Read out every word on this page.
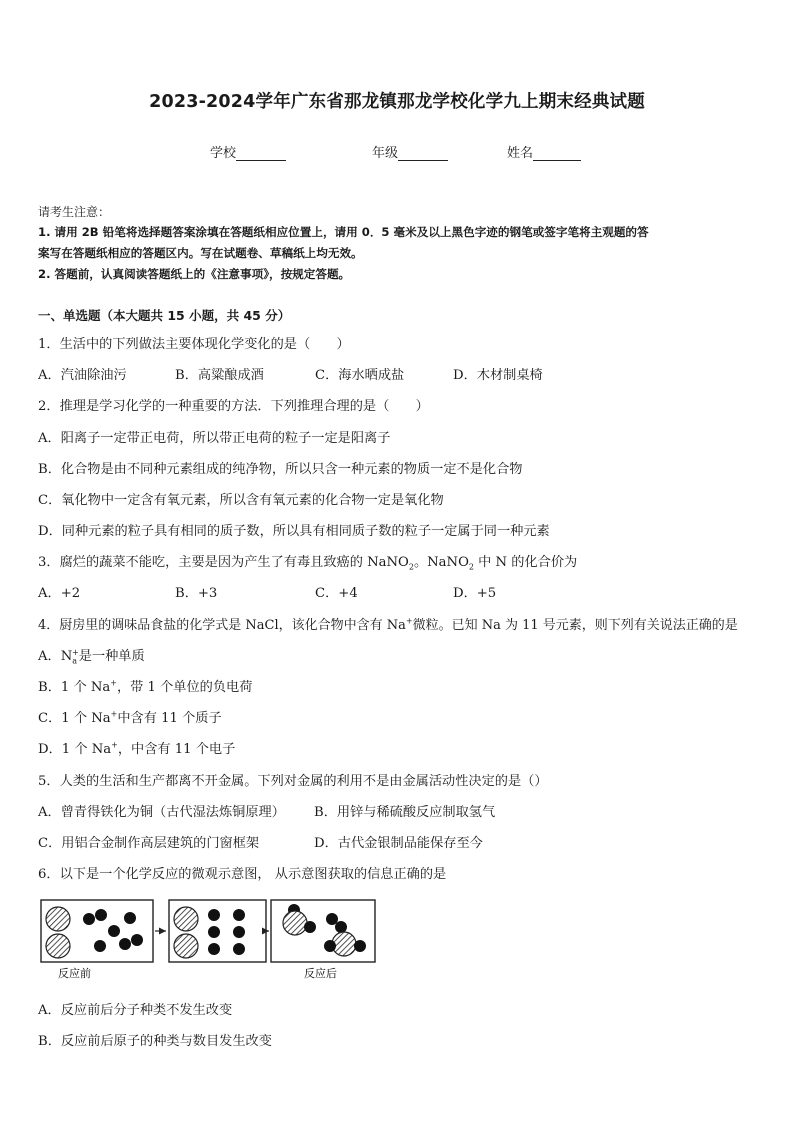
2023-2024学年广东省那龙镇那龙学校化学九上期末经典试题
学校	年级	姓名
请考生注意：
1. 请用 2B 铅笔将选择题答案涂填在答题纸相应位置上，请用 0．5 毫米及以上黑色字迹的钢笔或签字笔将主观题的答
案写在答题纸相应的答题区内。写在试题卷、草稿纸上均无效。
2. 答题前，认真阅读答题纸上的《注意事项》，按规定答题。
一、单选题（本大题共 15 小题，共 45 分）
1．生活中的下列做法主要体现化学变化的是（　　）
A．汽油除油污	B．高粱酿成酒	C．海水晒成盐	D．木材制桌椅
2．推理是学习化学的一种重要的方法．下列推理合理的是（　　）
A．阳离子一定带正电荷，所以带正电荷的粒子一定是阳离子
B．化合物是由不同种元素组成的纯净物，所以只含一种元素的物质一定不是化合物
C．氧化物中一定含有氧元素，所以含有氧元素的化合物一定是氧化物
D．同种元素的粒子具有相同的质子数，所以具有相同质子数的粒子一定属于同一种元素
3．腐烂的蔬菜不能吃，主要是因为产生了有毒且致癌的 NaNO$_2$。NaNO$_2$ 中 N 的化合价为
A．+2	B．+3	C．+4	D．+5
4．厨房里的调味品食盐的化学式是 NaCl，该化合物中含有 Na+微粒。已知 Na 为 11 号元素，则下列有关说法正确的是
A．$N_a^+$是一种单质
B．1 个 Na+，带 1 个单位的负电荷
C．1 个 Na+中含有 11 个质子
D．1 个 Na+，中含有 11 个电子
5．人类的生活和生产都离不开金属。下列对金属的利用不是由金属活动性决定的是（）
A．曾青得铁化为铜（古代湿法炼铜原理） B．用锌与稀硫酸反应制取氢气
C．用铝合金制作高层建筑的门窗框架	D．古代金银制品能保存至今
6．以下是一个化学反应的微观示意图， 从示意图获取的信息正确的是
反应前	反应后
A．反应前后分子种类不发生改变
B．反应前后原子的种类与数目发生改变
